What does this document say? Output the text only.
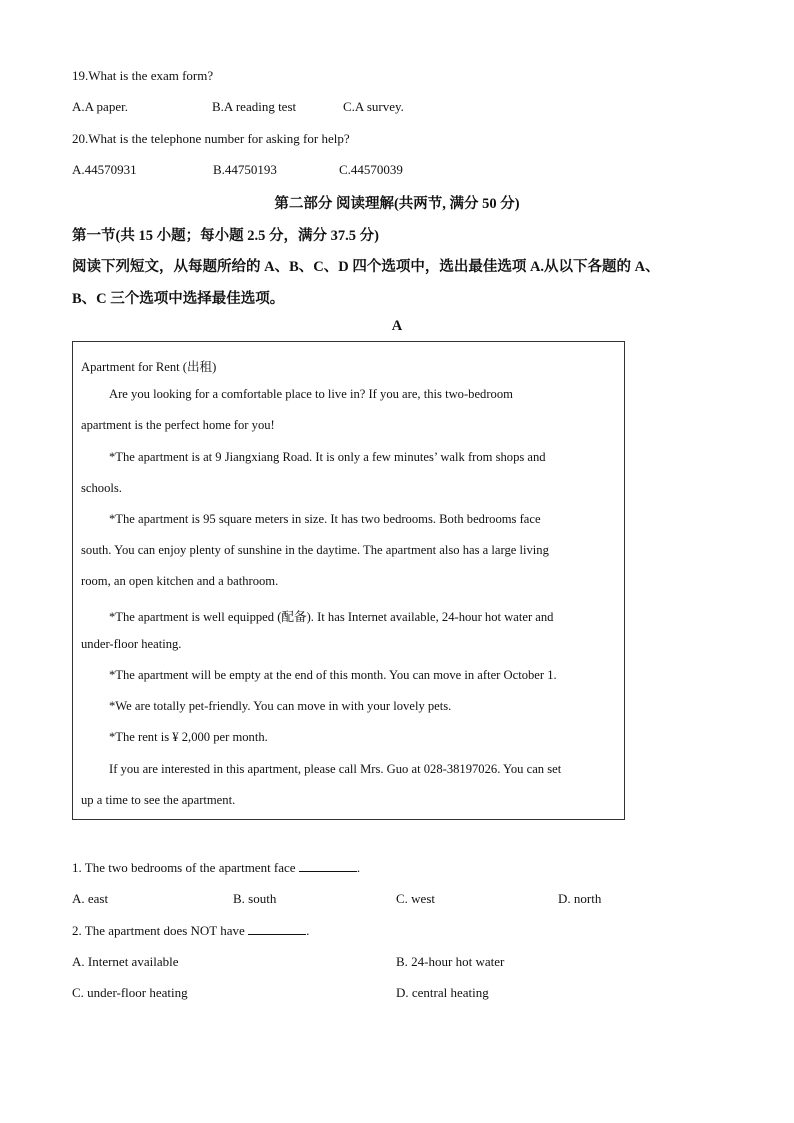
19.What is the exam form?
A.A paper.	B.A reading test	C.A survey.
20.What is the telephone number for asking for help?
A.44570931	B.44750193	C.44570039
第二部分 阅读理解(共两节, 满分 50 分)
第一节(共 15 小题；每小题 2.5 分，满分 37.5 分)
阅读下列短文，从每题所给的 A、B、C、D 四个选项中，选出最佳选项 A.从以下各题的 A、
B、C 三个选项中选择最佳选项。
A
Apartment for Rent (出租)
Are you looking for a comfortable place to live in? If you are, this two-bedroom
apartment is the perfect home for you!
*The apartment is at 9 Jiangxiang Road. It is only a few minutes’ walk from shops and
schools.
*The apartment is 95 square meters in size. It has two bedrooms. Both bedrooms face
south. You can enjoy plenty of sunshine in the daytime. The apartment also has a large living
room, an open kitchen and a bathroom.
*The apartment is well equipped (配备). It has Internet available, 24-hour hot water and
under-floor heating.
*The apartment will be empty at the end of this month. You can move in after October 1.
*We are totally pet-friendly. You can move in with your lovely pets.
*The rent is ¥ 2,000 per month.
If you are interested in this apartment, please call Mrs. Guo at 028-38197026. You can set
up a time to see the apartment.
1. The two bedrooms of the apartment face	.
A. east	B. south	C. west	D. north
2. The apartment does NOT have	.
A. Internet available	B. 24-hour hot water
C. under-floor heating	D. central heating
